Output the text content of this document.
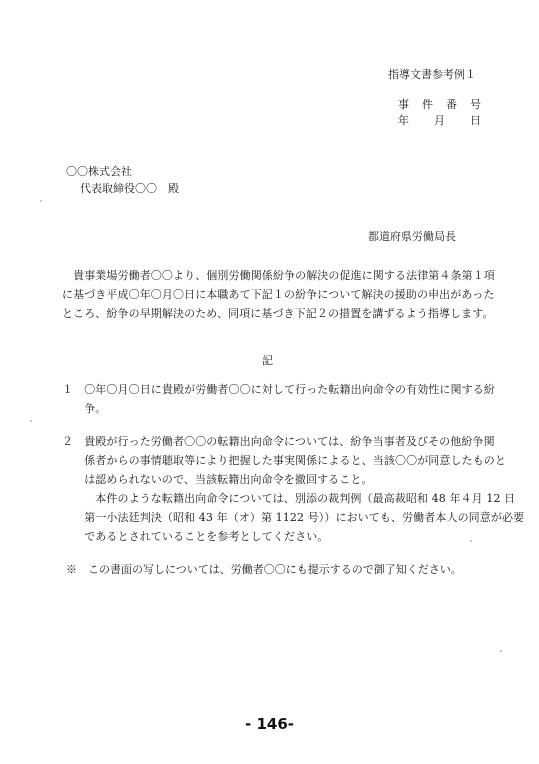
指導文書参考例１
事　件　番　号
年　　月　　日
〇〇株式会社
代表取締役〇〇　殿
都道府県労働局長
　貴事業場労働者〇〇より、個別労働関係紛争の解決の促進に関する法律第４条第１項
に基づき平成〇年〇月〇日に本職あて下記１の紛争について解決の援助の申出があった
ところ、紛争の早期解決のため、同項に基づき下記２の措置を講ずるよう指導します。
記
１　〇年〇月〇日に貴殿が労働者〇〇に対して行った転籍出向命令の有効性に関する紛
　　争。
２　貴殿が行った労働者〇〇の転籍出向命令については、紛争当事者及びその他紛争関
　　係者からの事情聴取等により把握した事実関係によると、当該〇〇が同意したものと
　　は認められないので、当該転籍出向命令を撤回すること。
　　　本件のような転籍出向命令については、別添の裁判例（最高裁昭和 48 年４月 12 日
　　第一小法廷判決（昭和 43 年（オ）第 1122 号））においても、労働者本人の同意が必要
　　であるとされていることを参考としてください。
※　この書面の写しについては、労働者〇〇にも提示するので御了知ください。
- 146-
